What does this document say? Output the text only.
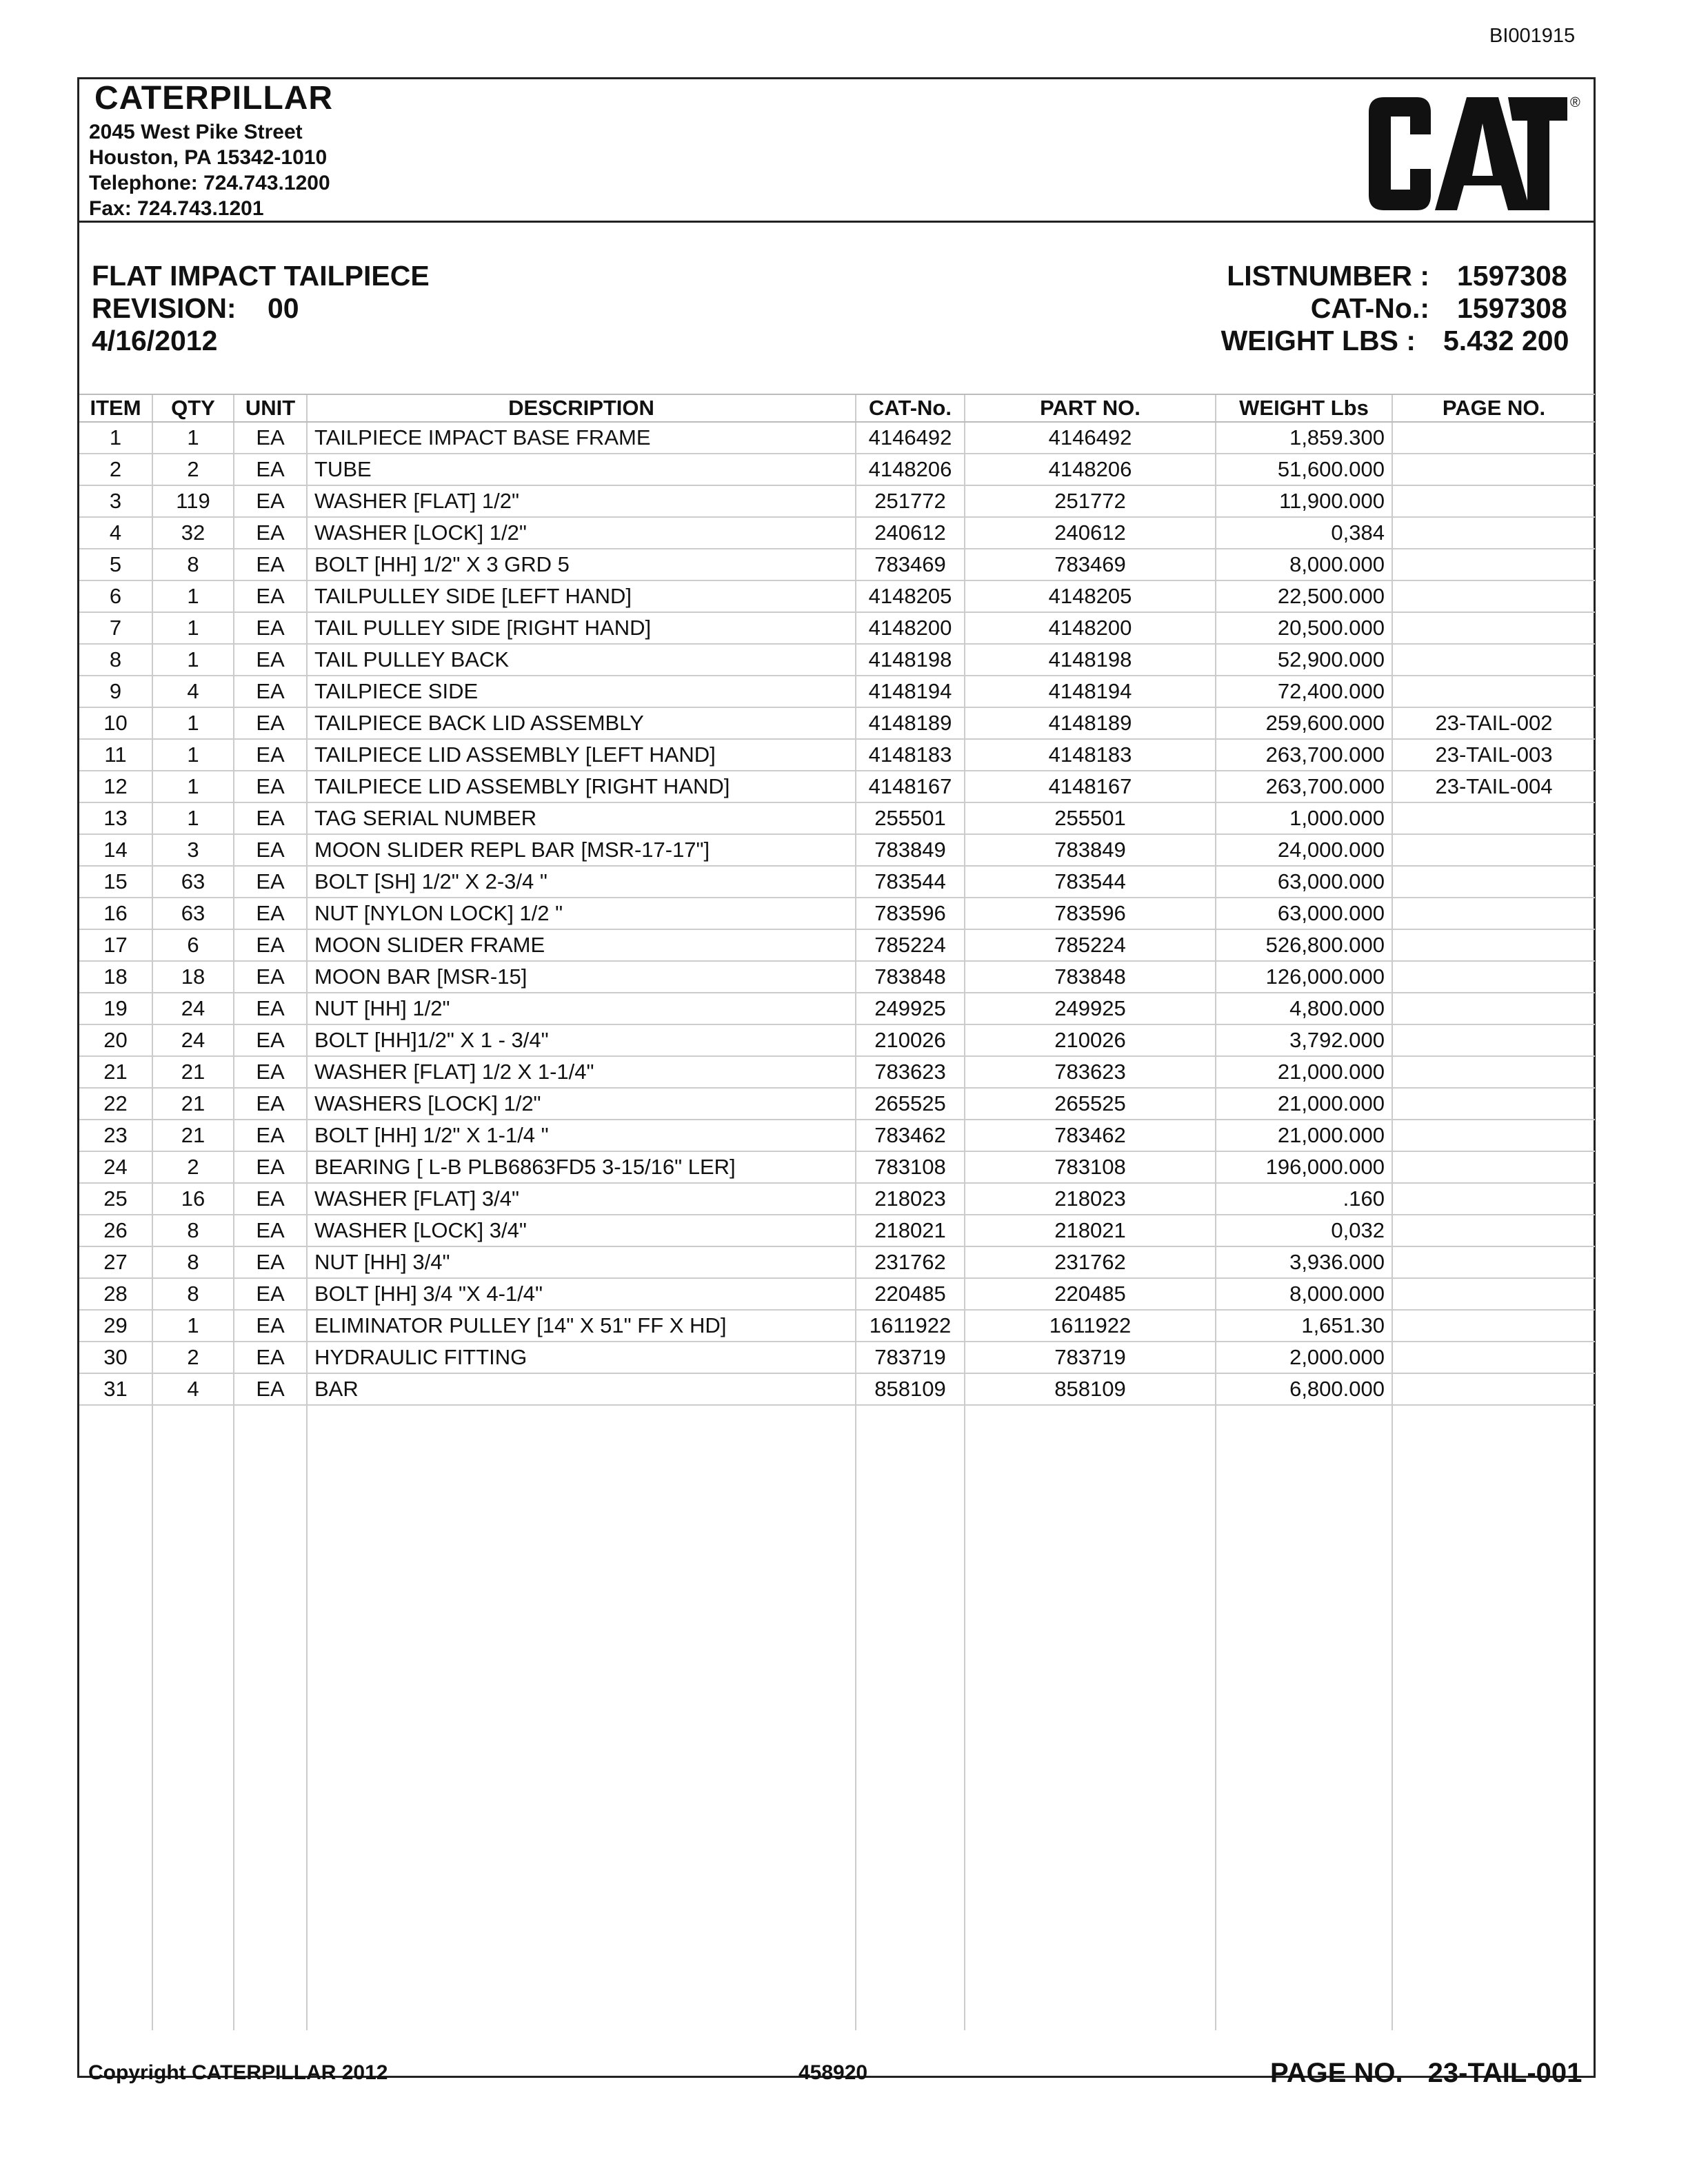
BI001915
CATERPILLAR
2045 West Pike Street
Houston, PA 15342-1010
Telephone: 724.743.1200
Fax: 724.743.1201
®
FLAT IMPACT TAILPIECE
REVISION: 00
4/16/2012
LISTNUMBER : 1597308
CAT-No.: 1597308
WEIGHT LBS : 5.432 200
ITEM	QTY	UNIT	DESCRIPTION	CAT-No.	PART NO.	WEIGHT Lbs	PAGE NO.
1	1	EA	TAILPIECE IMPACT BASE FRAME	4146492	4146492	1,859.300	
2	2	EA	TUBE	4148206	4148206	51,600.000	
3	119	EA	WASHER [FLAT] 1/2"	251772	251772	11,900.000	
4	32	EA	WASHER [LOCK] 1/2"	240612	240612	0,384	
5	8	EA	BOLT [HH] 1/2" X 3 GRD 5	783469	783469	8,000.000	
6	1	EA	TAILPULLEY SIDE [LEFT HAND]	4148205	4148205	22,500.000	
7	1	EA	TAIL PULLEY SIDE [RIGHT HAND]	4148200	4148200	20,500.000	
8	1	EA	TAIL PULLEY BACK	4148198	4148198	52,900.000	
9	4	EA	TAILPIECE SIDE	4148194	4148194	72,400.000	
10	1	EA	TAILPIECE BACK LID ASSEMBLY	4148189	4148189	259,600.000	23-TAIL-002
11	1	EA	TAILPIECE LID ASSEMBLY [LEFT HAND]	4148183	4148183	263,700.000	23-TAIL-003
12	1	EA	TAILPIECE LID ASSEMBLY [RIGHT HAND]	4148167	4148167	263,700.000	23-TAIL-004
13	1	EA	TAG SERIAL NUMBER	255501	255501	1,000.000	
14	3	EA	MOON SLIDER REPL BAR [MSR-17-17"]	783849	783849	24,000.000	
15	63	EA	BOLT [SH] 1/2" X 2-3/4 "	783544	783544	63,000.000	
16	63	EA	NUT [NYLON LOCK] 1/2 "	783596	783596	63,000.000	
17	6	EA	MOON SLIDER FRAME	785224	785224	526,800.000	
18	18	EA	MOON BAR [MSR-15]	783848	783848	126,000.000	
19	24	EA	NUT [HH] 1/2"	249925	249925	4,800.000	
20	24	EA	BOLT [HH]1/2" X 1 - 3/4"	210026	210026	3,792.000	
21	21	EA	WASHER [FLAT] 1/2 X 1-1/4"	783623	783623	21,000.000	
22	21	EA	WASHERS [LOCK] 1/2"	265525	265525	21,000.000	
23	21	EA	BOLT [HH] 1/2" X 1-1/4 "	783462	783462	21,000.000	
24	2	EA	BEARING [ L-B PLB6863FD5 3-15/16" LER]	783108	783108	196,000.000	
25	16	EA	WASHER [FLAT] 3/4"	218023	218023	.160	
26	8	EA	WASHER [LOCK] 3/4"	218021	218021	0,032	
27	8	EA	NUT [HH] 3/4"	231762	231762	3,936.000	
28	8	EA	BOLT [HH] 3/4 "X 4-1/4"	220485	220485	8,000.000	
29	1	EA	ELIMINATOR PULLEY [14" X 51" FF X HD]	1611922	1611922	1,651.30	
30	2	EA	HYDRAULIC FITTING	783719	783719	2,000.000	
31	4	EA	BAR	858109	858109	6,800.000	

Copyright CATERPILLAR 2012	458920	PAGE NO. 23-TAIL-001
